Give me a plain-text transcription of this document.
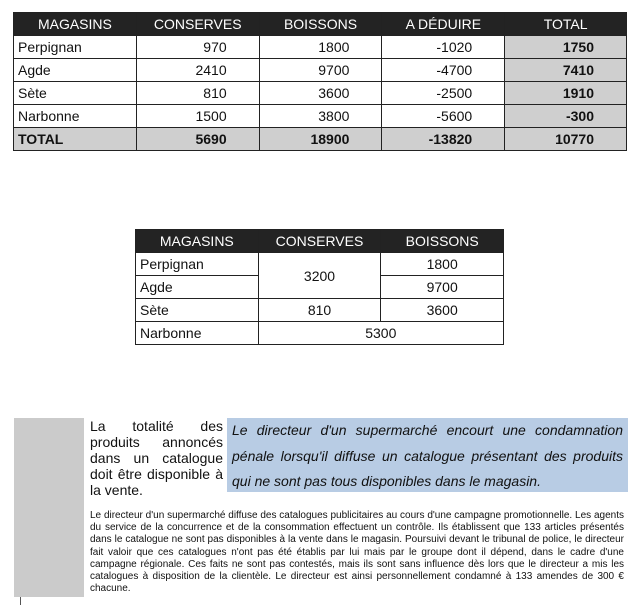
MAGASINS	CONSERVES	BOISSONS	A DÉDUIRE	TOTAL
Perpignan	970	1800	-1020	1750
Agde	2410	9700	-4700	7410
Sète	810	3600	-2500	1910
Narbonne	1500	3800	-5600	-300
TOTAL	5690	18900	-13820	10770
MAGASINS	CONSERVES	BOISSONS
Perpignan	3200	1800
Agde		9700
Sète	810	3600
Narbonne	5300	
La totalité des produits annoncés dans un catalogue doit être disponible à la vente.
Le directeur d'un supermarché encourt une condamnation pénale lorsqu'il diffuse un catalogue présentant des produits qui ne sont pas tous disponibles dans le magasin.
Le directeur d'un supermarché diffuse des catalogues publicitaires au cours d'une campagne promotionnelle. Les agents du service de la concurrence et de la consommation effectuent un contrôle. Ils établissent que 133 articles présentés dans le catalogue ne sont pas disponibles à la vente dans le magasin. Poursuivi devant le tribunal de police, le directeur fait valoir que ces catalogues n'ont pas été établis par lui mais par le groupe dont il dépend, dans le cadre d'une campagne régionale. Ces faits ne sont pas contestés, mais ils sont sans influence dès lors que le directeur a mis les catalogues à disposition de la clientèle. Le directeur est ainsi personnellement condamné à 133 amendes de 300 € chacune.
